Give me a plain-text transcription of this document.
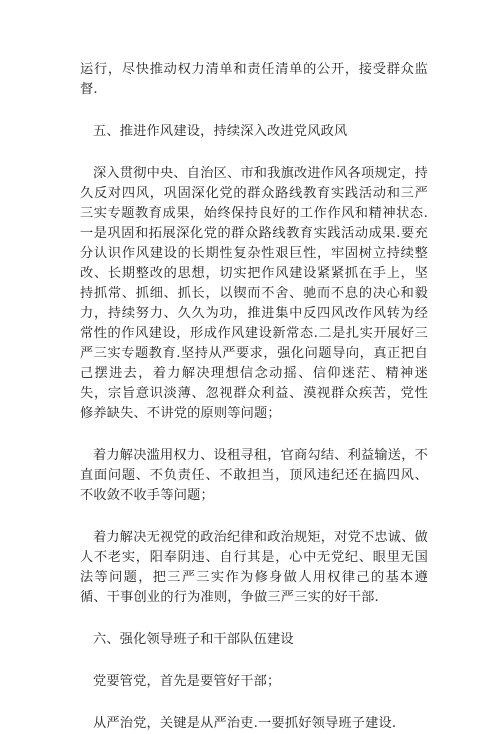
运行，尽快推动权力清单和责任清单的公开，接受群众监督.

五、推进作风建设，持续深入改进党风政风

深入贯彻中央、自治区、市和我旗改进作风各项规定，持久反对四风，巩固深化党的群众路线教育实践活动和三严三实专题教育成果，始终保持良好的工作作风和精神状态.一是巩固和拓展深化党的群众路线教育实践活动成果.要充分认识作风建设的长期性复杂性艰巨性，牢固树立持续整改、长期整改的思想，切实把作风建设紧紧抓在手上，坚持抓常、抓细、抓长，以锲而不舍、驰而不息的决心和毅力，持续努力、久久为功，推进集中反四风改作风转为经常性的作风建设，形成作风建设新常态.二是扎实开展好三严三实专题教育.坚持从严要求，强化问题导向，真正把自己摆进去，着力解决理想信念动摇、信仰迷茫、精神迷失，宗旨意识淡薄、忽视群众利益、漠视群众疾苦，党性修养缺失、不讲党的原则等问题；

着力解决滥用权力、设租寻租，官商勾结、利益输送，不直面问题、不负责任、不敢担当，顶风违纪还在搞四风、不收敛不收手等问题；

着力解决无视党的政治纪律和政治规矩，对党不忠诚、做人不老实，阳奉阴违、自行其是，心中无党纪、眼里无国法等问题，把三严三实作为修身做人用权律己的基本遵循、干事创业的行为准则，争做三严三实的好干部.

六、强化领导班子和干部队伍建设

党要管党，首先是要管好干部；

从严治党，关键是从严治吏.一要抓好领导班子建设.
